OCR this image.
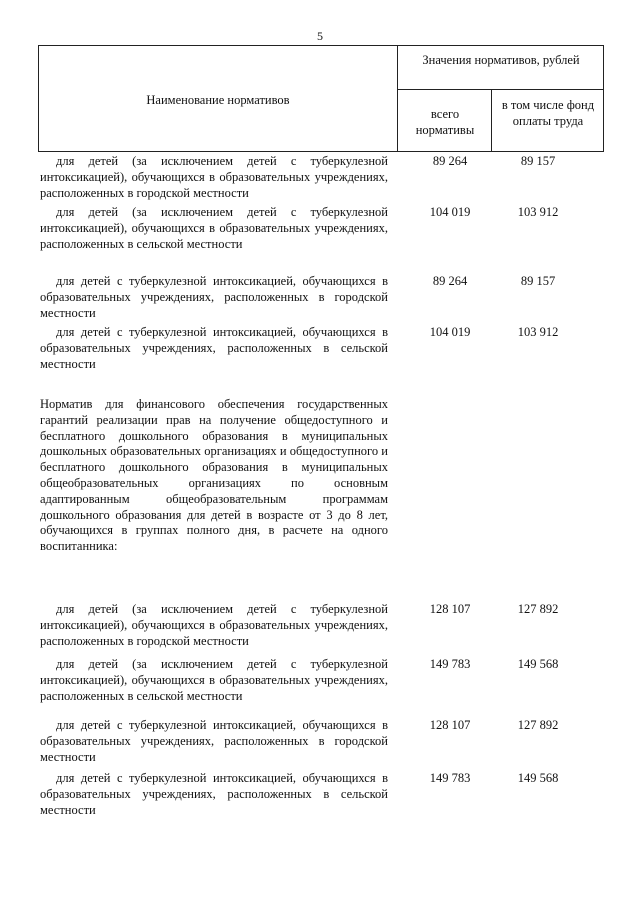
5
Наименование нормативов
Значения нормативов, рублей
всего нормативы
в том числе фонд оплаты труда
для детей (за исключением детей с туберкулезной интоксикацией), обучающихся в образовательных учреждениях, расположенных в городской местности
89 264	89 157
для детей (за исключением детей с туберкулезной интоксикацией), обучающихся в образовательных учреждениях, расположенных в сельской местности
104 019	103 912
для детей с туберкулезной интоксикацией, обучающихся в образовательных учреждениях, расположенных в городской местности
89 264	89 157
для детей с туберкулезной интоксикацией, обучающихся в образовательных учреждениях, расположенных в сельской местности
104 019	103 912
Норматив для финансового обеспечения государственных гарантий реализации прав на получение общедоступного и бесплатного дошкольного образования в муниципальных дошкольных образовательных организациях и общедоступного и бесплатного дошкольного образования в муниципальных общеобразовательных организациях по основным адаптированным общеобразовательным программам дошкольного образования для детей в возрасте от 3 до 8 лет, обучающихся в группах полного дня, в расчете на одного воспитанника:
для детей (за исключением детей с туберкулезной интоксикацией), обучающихся в образовательных учреждениях, расположенных в городской местности
128 107	127 892
для детей (за исключением детей с туберкулезной интоксикацией), обучающихся в образовательных учреждениях, расположенных в сельской местности
149 783	149 568
для детей с туберкулезной интоксикацией, обучающихся в образовательных учреждениях, расположенных в городской местности
128 107	127 892
для детей с туберкулезной интоксикацией, обучающихся в образовательных учреждениях, расположенных в сельской местности
149 783	149 568
